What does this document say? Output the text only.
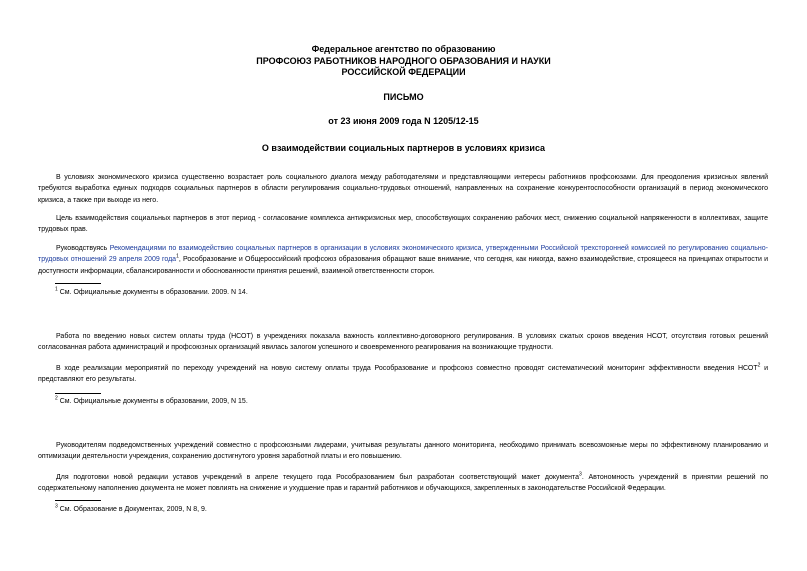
Федеральное агентство по образованию
ПРОФСОЮЗ РАБОТНИКОВ НАРОДНОГО ОБРАЗОВАНИЯ И НАУКИ
РОССИЙСКОЙ ФЕДЕРАЦИИ
ПИСЬМО
от 23 июня 2009 года N 1205/12-15
О взаимодействии социальных партнеров в условиях кризиса
В условиях экономического кризиса существенно возрастает роль социального диалога между работодателями и представляющими интересы работников профсоюзами. Для преодоления кризисных явлений требуются выработка единых подходов социальных партнеров в области регулирования социально-трудовых отношений, направленных на сохранение конкурентоспособности организаций в период экономического кризиса, а также при выходе из него.
Цель взаимодействия социальных партнеров в этот период - согласование комплекса антикризисных мер, способствующих сохранению рабочих мест, снижению социальной напряженности в коллективах, защите трудовых прав.
Руководствуясь Рекомендациями по взаимодействию социальных партнеров в организации в условиях экономического кризиса, утвержденными Российской трехсторонней комиссией по регулированию социально-трудовых отношений 29 апреля 2009 года$^1$, Рособразование и Общероссийский профсоюз образования обращают ваше внимание, что сегодня, как никогда, важно взаимодействие, строящееся на принципах открытости и доступности информации, сбалансированности и обоснованности принятия решений, взаимной ответственности сторон.
$^1$ См. Официальные документы в образовании. 2009. N 14.
Работа по введению новых систем оплаты труда (НСОТ) в учреждениях показала важность коллективно-договорного регулирования. В условиях сжатых сроков введения НСОТ, отсутствия готовых решений согласованная работа администраций и профсоюзных организаций явилась залогом успешного и своевременного реагирования на возникающие трудности.
В ходе реализации мероприятий по переходу учреждений на новую систему оплаты труда Рособразование и профсоюз совместно проводят систематический мониторинг эффективности введения НСОТ$^2$ и представляют его результаты.
$^2$ См. Официальные документы в образовании, 2009, N 15.
Руководителям подведомственных учреждений совместно с профсоюзными лидерами, учитывая результаты данного мониторинга, необходимо принимать всевозможные меры по эффективному планированию и оптимизации деятельности учреждения, сохранению достигнутого уровня заработной платы и его повышению.
Для подготовки новой редакции уставов учреждений в апреле текущего года Рособразованием был разработан соответствующий макет документа$^3$. Автономность учреждений в принятии решений по содержательному наполнению документа не может повлиять на снижение и ухудшение прав и гарантий работников и обучающихся, закрепленных в законодательстве Российской Федерации.
$^3$ См. Образование в Документах, 2009, N 8, 9.
